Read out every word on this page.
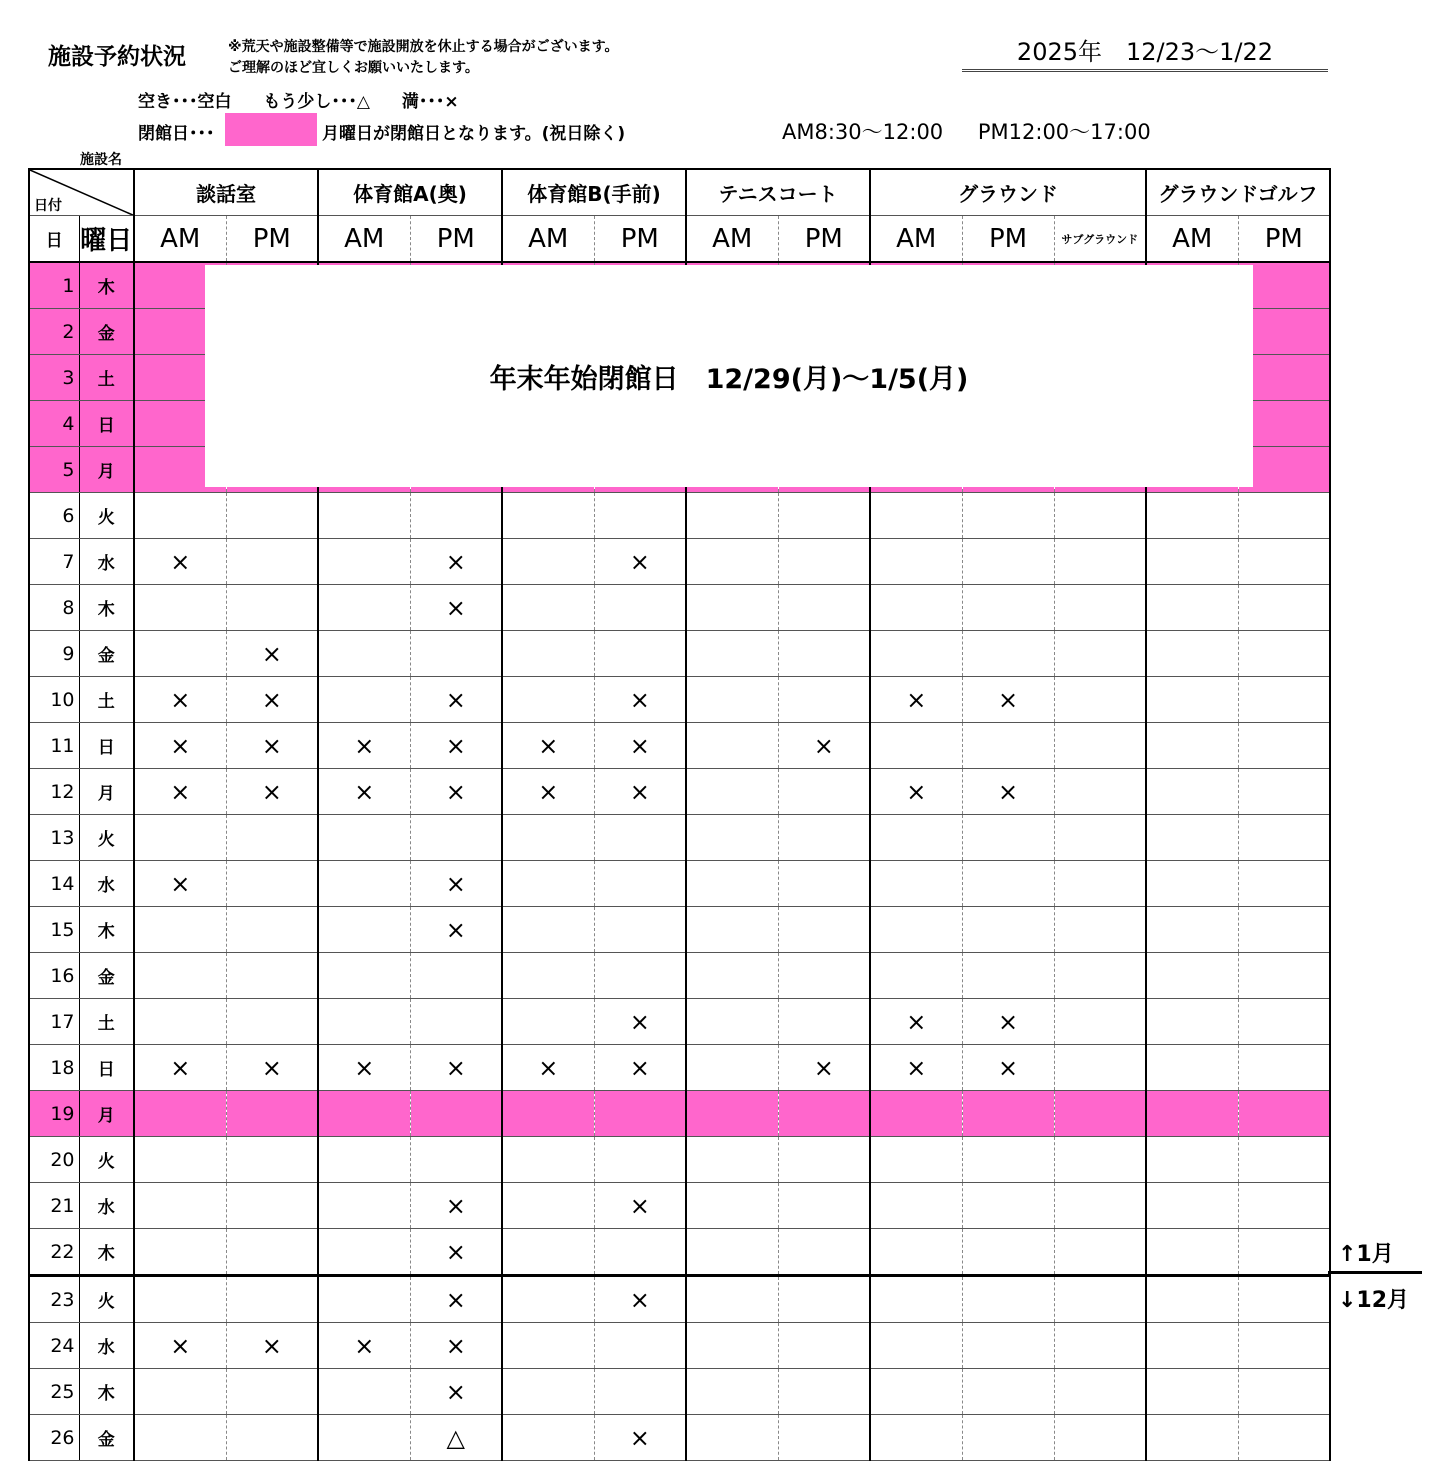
施設予約状況	※荒天や施設整備等で施設開放を休止する場合がございます。
ご理解のほど宜しくお願いいたします。
2025年　12/23～1/22
空き･･･空白 もう少し･･･△ 満･･･×
閉館日･･･	月曜日が閉館日となります。(祝日除く)	AM8:30～12:00 PM12:00～17:00
施設名
日付		談話室		体育館A(奥)		体育館B(手前)		テニスコート		グラウンド			グラウンドゴルフ	
日	曜日	AM	PM	AM	PM	AM	PM	AM	PM	AM	PM	サブグラウンド	AM	PM
1	木													
2	金													
3	土													
4	日													
5	月													
6	火													
7	水	×			×		×							
8	木				×									
9	金		×											
10	土	×	×		×		×			×	×			
11	日	×	×	×	×	×	×		×					
12	月	×	×	×	×	×	×			×	×			
13	火													
14	水	×			×									
15	木				×									
16	金													
17	土						×			×	×			
18	日	×	×	×	×	×	×		×	×	×			
19	月													
20	火													
21	水				×		×							
22	木				×									
23	火				×		×							
24	水	×	×	×	×									
25	木				×									
26	金				△		×							
年末年始閉館日　12/29(月)～1/5(月)
↑1月
↓12月
